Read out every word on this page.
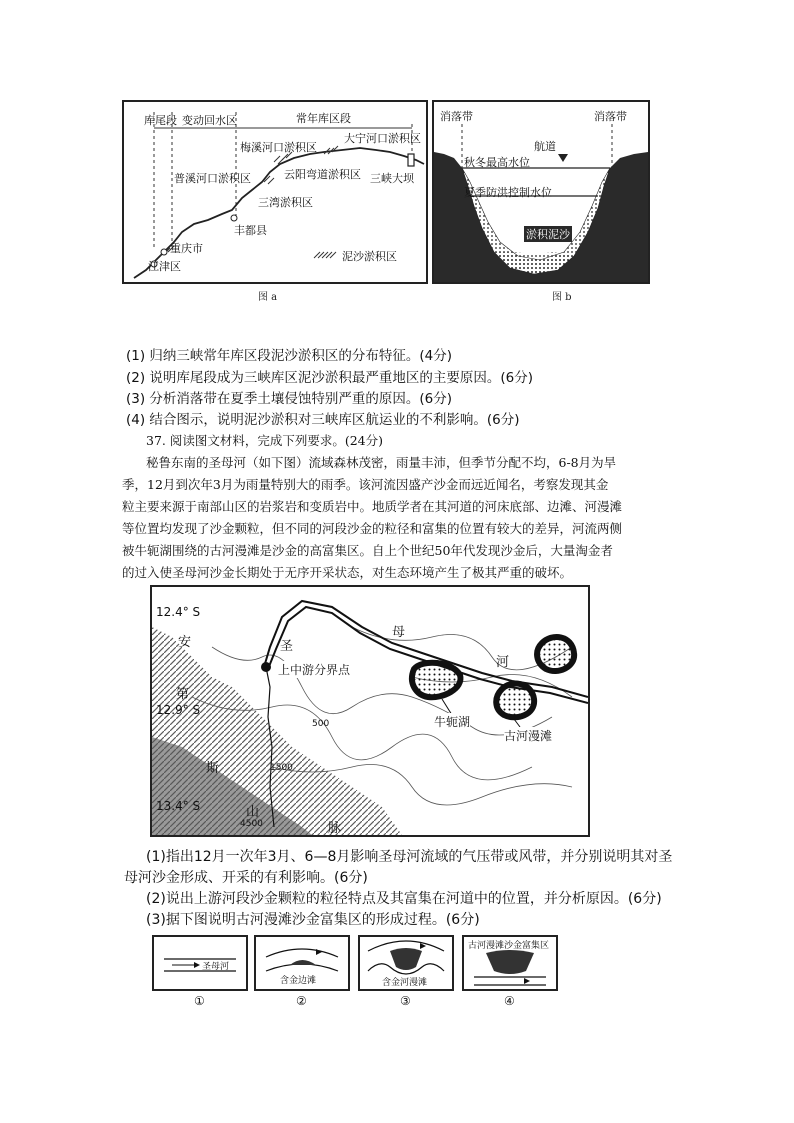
库尾段 变动回水区	常年库区段
大宁河口淤积区
梅溪河口淤积区
普溪河口淤积区	云阳弯道淤积区 三峡大坝
三湾淤积区
丰都县
重庆市
江津区
泥沙淤积区
图 a
消落带	消落带
航道
秋冬最高水位
夏季防洪控制水位
淤积泥沙
图 b
(1) 归纳三峡常年库区段泥沙淤积区的分布特征。(4分)
(2) 说明库尾段成为三峡库区泥沙淤积最严重地区的主要原因。(6分)
(3) 分析消落带在夏季土壤侵蚀特别严重的原因。(6分)
(4) 结合图示，说明泥沙淤积对三峡库区航运业的不利影响。(6分)
37. 阅读图文材料，完成下列要求。(24分)
秘鲁东南的圣母河（如下图）流域森林茂密，雨量丰沛，但季节分配不均，6-8月为旱
季，12月到次年3月为雨量特别大的雨季。该河流因盛产沙金而远近闻名，考察发现其金
粒主要来源于南部山区的岩浆岩和变质岩中。地质学者在其河道的河床底部、边滩、河漫滩
等位置均发现了沙金颗粒，但不同的河段沙金的粒径和富集的位置有较大的差异，河流两侧
被牛轭湖围绕的古河漫滩是沙金的高富集区。自上个世纪50年代发现沙金后，大量淘金者
的过入使圣母河沙金长期处于无序开采状态，对生态环境产生了极其严重的破坏。
12.4° S
12.9° S
13.4° S
圣
母
河
上中游分界点
牛轭湖
古河漫滩
500
1500
4500
安
第
斯
山
脉
(1)指出12月一次年3月、6—8月影响圣母河流域的气压带或风带，并分别说明其对圣
母河沙金形成、开采的有利影响。(6分)
(2)说出上游河段沙金颗粒的粒径特点及其富集在河道中的位置，并分析原因。(6分)
(3)据下图说明古河漫滩沙金富集区的形成过程。(6分)
圣母河
含金边滩	含金河漫滩
古河漫滩沙金富集区
①	②	③	④
